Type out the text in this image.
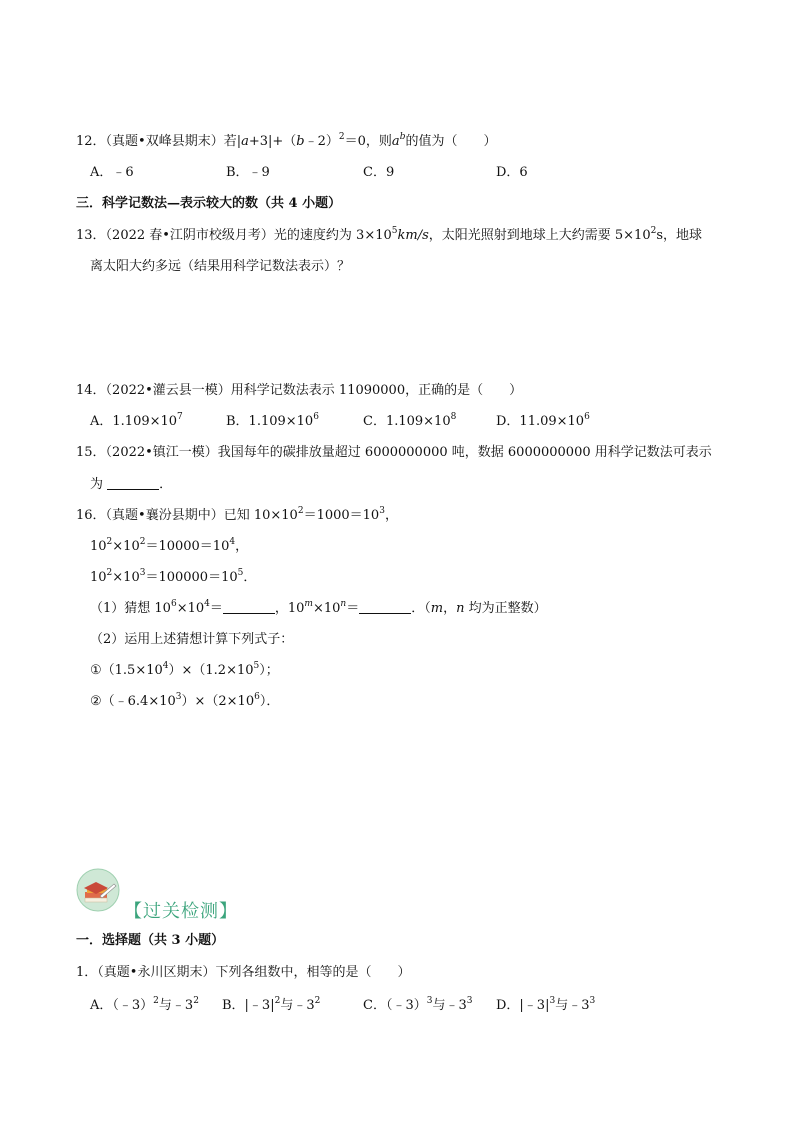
12．（真题•双峰县期末）若|a+3|+（b﹣2）$^2$＝0，则$a^b$的值为（　　）
A．﹣6	B．﹣9	C．9	D．6
三．科学记数法—表示较大的数（共 4 小题）
13．（2022 春•江阴市校级月考）光的速度约为 $3\times 10^5km/s$，太阳光照射到地球上大约需要 $5\times 10^2s$，地球
离太阳大约多远（结果用科学记数法表示）？
14．（2022•灌云县一模）用科学记数法表示 11090000，正确的是（　　）
A．$1.109\times 10^7$	B．$1.109\times 10^6$	C．$1.109\times 10^8$	D．$11.09\times 10^6$
15．（2022•镇江一模）我国每年的碳排放量超过 6000000000 吨，数据 6000000000 用科学记数法可表示
为	．
16．（真题•襄汾县期中）已知 $10\times 10^2=1000=10^3$，
$10^2\times 10^2=10000=10^4$，
$10^2\times 10^3=100000=10^5$．
（1）猜想 $10^6\times 10^4=$	，$10^m\times 10^n=$	．（m，n 均为正整数）
（2）运用上述猜想计算下列式子：
$①(1.5\times 10^4)\times(1.2\times 10^5)$；
$②(﹣6.4\times 10^3)\times(2\times 10^6)$．
【过关检测】
一．选择题（共 3 小题）
1．（真题•永川区期末）下列各组数中，相等的是（　　）
A．（﹣3）$^2$与$﹣3^2$ B．$|﹣3|^2$与$﹣3^2$	C．（﹣3）$^3$与$﹣3^3$ D．$|﹣3|^3$与$﹣3^3$
